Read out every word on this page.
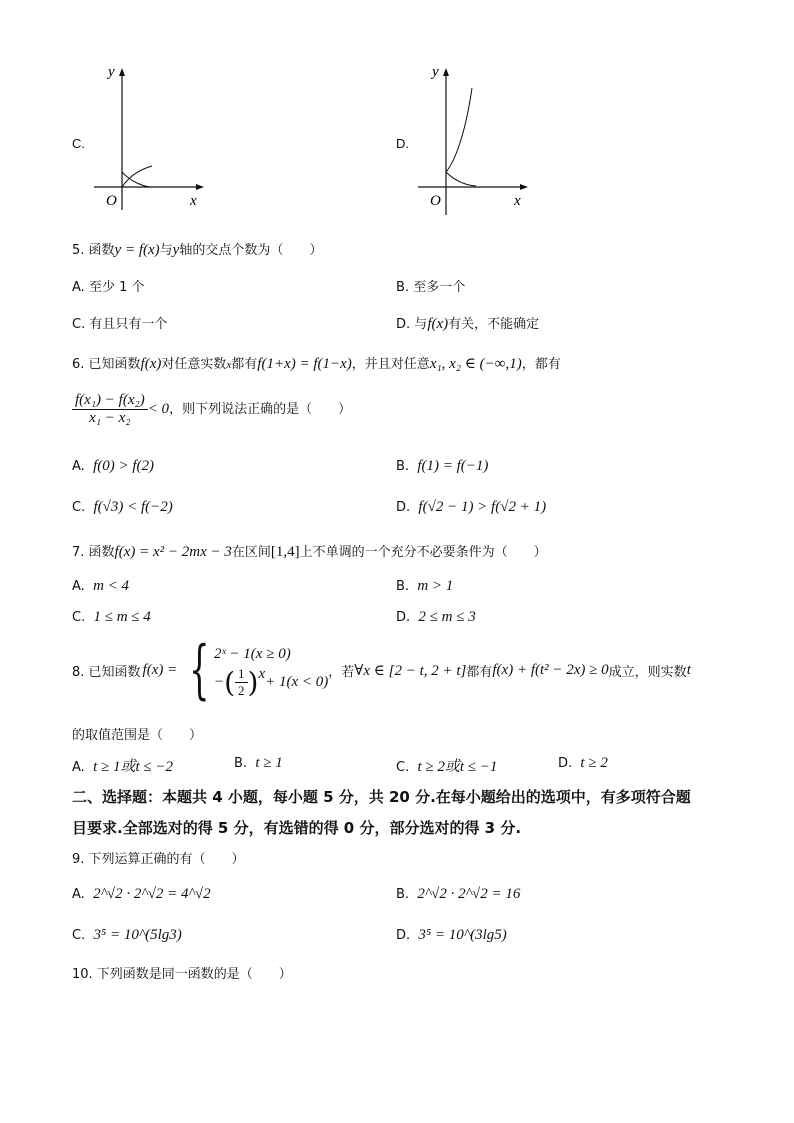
C.
y
O	x
D.
y
O	x
5. 函数y = f(x)与y轴的交点个数为（　　）
A. 至少 1 个	B. 至多一个
C. 有且只有一个	D. 与f(x)有关，不能确定
6. 已知函数f(x)对任意实数x都有f(1+x) = f(1−x)，并且对任意x₁, x₂ ∈ (−∞,1)，都有
$\frac{\text{f(x₁) − f(x₂)}}{\text{x₁ − x₂}} < 0$，则下列说法正确的是（　　）
A. f(0) > f(2)	B. f(1) = f(−1)
C. f(√3) < f(−2)	D. f(√2 − 1) > f(√2 + 1)
7. 函数f(x) = x² − 2mx − 3在区间[1,4]上不单调的一个充分不必要条件为（　　）
A. m < 4	B. m > 1
C. 1 ≤ m ≤ 4	D. 2 ≤ m ≤ 3
8. 已知函数 f(x) = { 2ˣ − 1(x ≥ 0)
− ( $\frac{1}{2}$ ) x + 1(x < 0)
，若 ∀x ∈ [2 − t, 2 + t] 都有 f(x) + f(t² − 2x) ≥ 0 成立，则实数 t
的取值范围是（　　）
A. t ≥ 1或t ≤ −2	B. t ≥ 1	C. t ≥ 2或t ≤ −1	D. t ≥ 2
二、选择题：本题共 4 小题，每小题 5 分，共 20 分.在每小题给出的选项中，有多项符合题
目要求.全部选对的得 5 分，有选错的得 0 分，部分选对的得 3 分.
9. 下列运算正确的有（　　）
A. 2^√2 · 2^√2 = 4^√2	B. 2^√2 · 2^√2 = 16
C. 3⁵ = 10^(5lg3)	D. 3⁵ = 10^(3lg5)
10. 下列函数是同一函数的是（　　）
